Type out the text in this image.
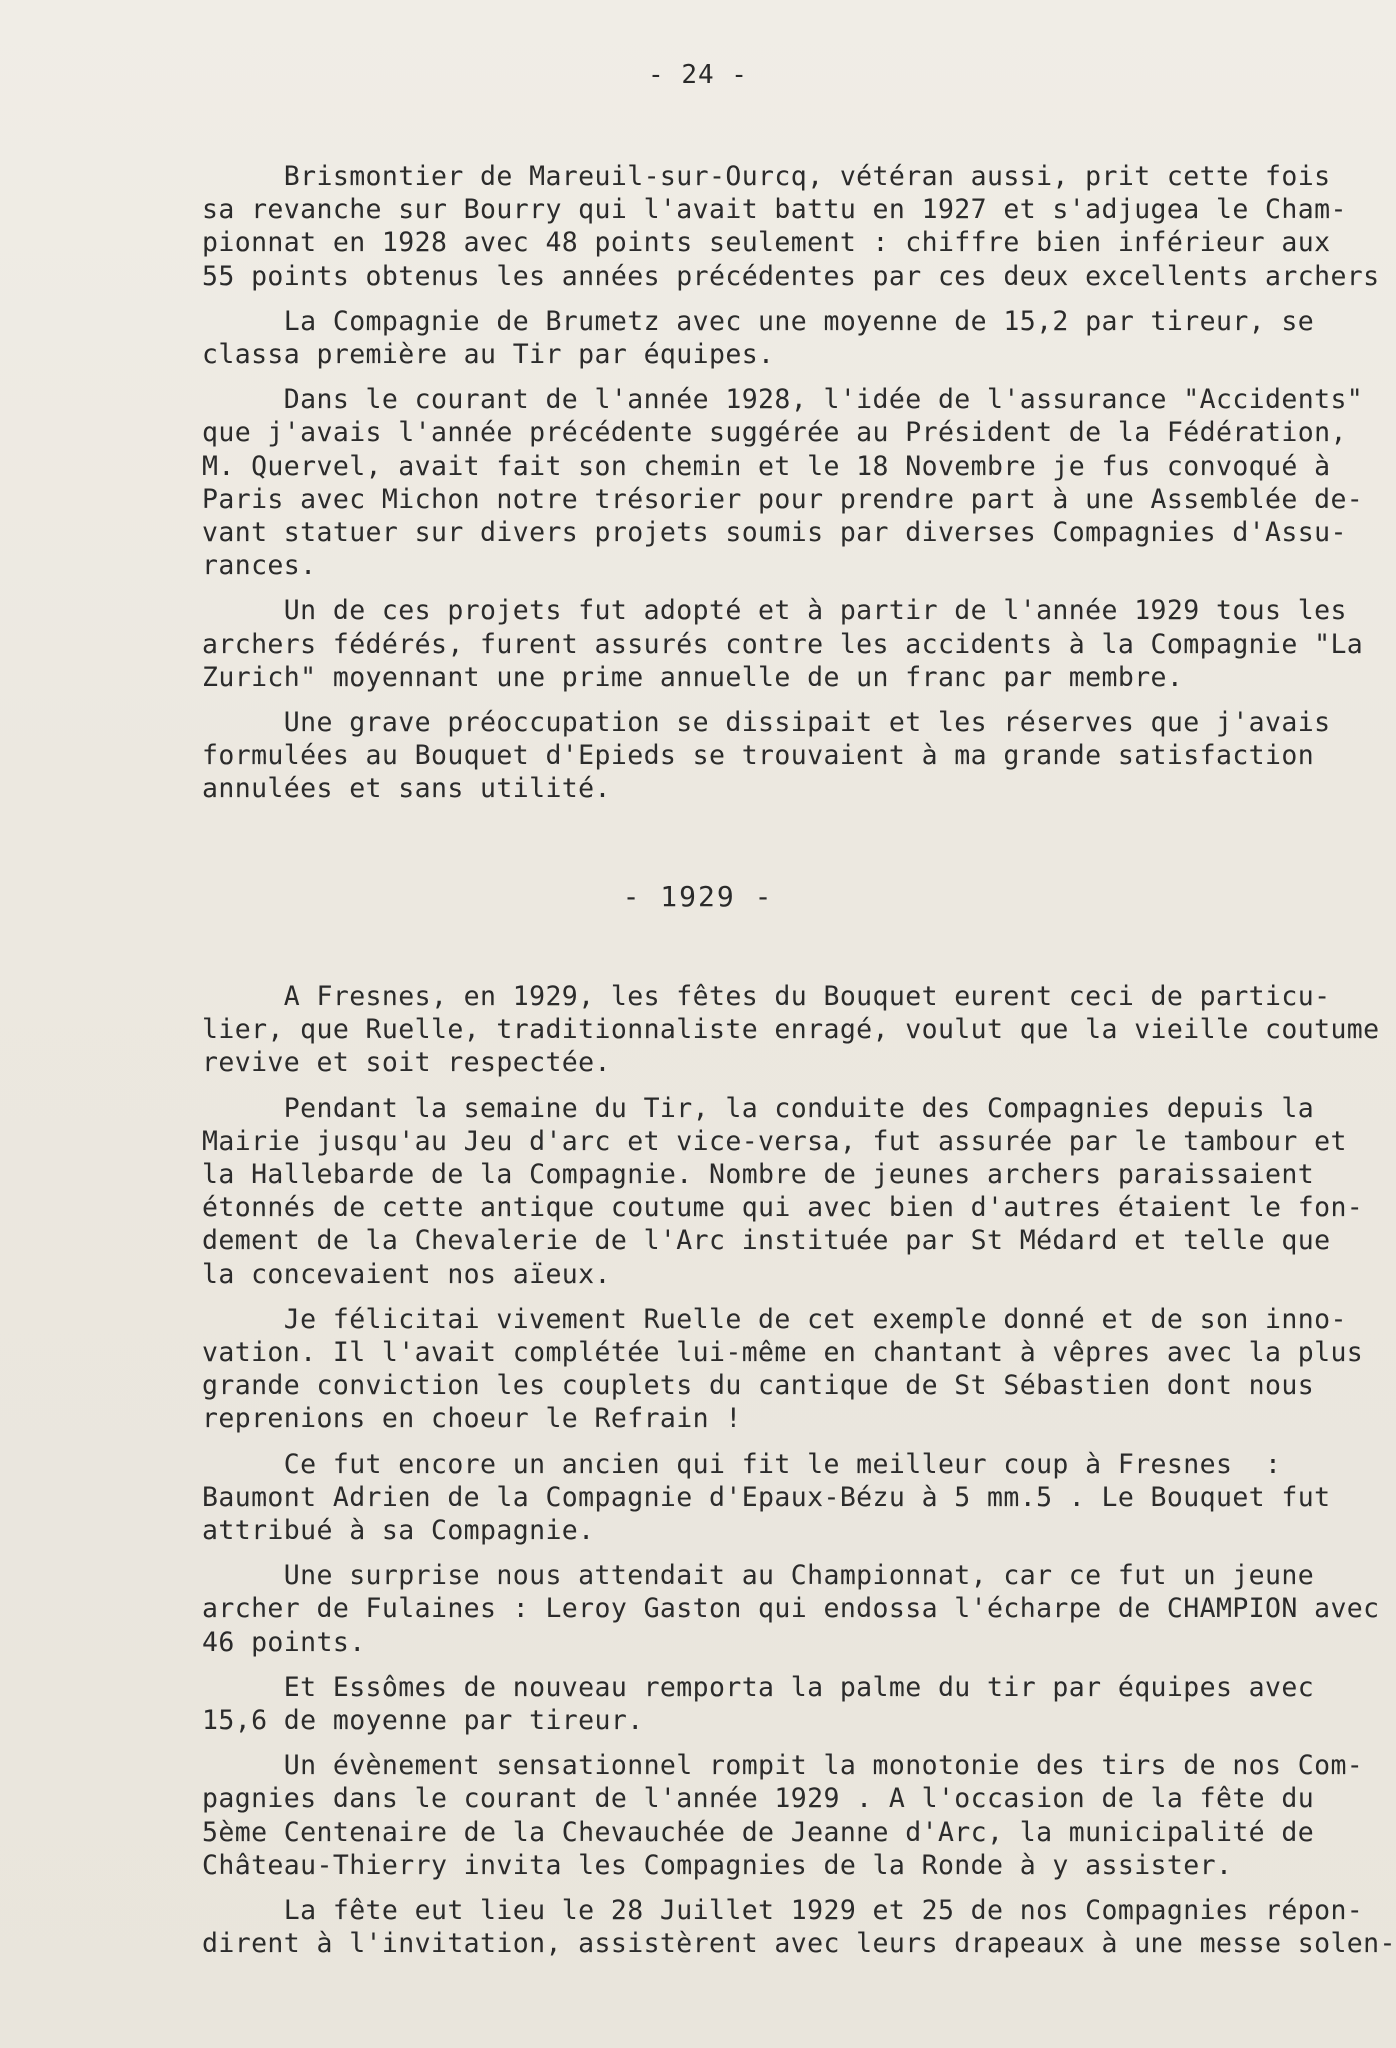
- 24 -
Brismontier de Mareuil-sur-Ourcq, vétéran aussi, prit cette fois
sa revanche sur Bourry qui l'avait battu en 1927 et s'adjugea le Cham-
pionnat en 1928 avec 48 points seulement : chiffre bien inférieur aux
55 points obtenus les années précédentes par ces deux excellents archers
La Compagnie de Brumetz avec une moyenne de 15,2 par tireur, se
classa première au Tir par équipes.
Dans le courant de l'année 1928, l'idée de l'assurance "Accidents"
que j'avais l'année précédente suggérée au Président de la Fédération,
M. Quervel, avait fait son chemin et le 18 Novembre je fus convoqué à
Paris avec Michon notre trésorier pour prendre part à une Assemblée de-
vant statuer sur divers projets soumis par diverses Compagnies d'Assu-
rances.
Un de ces projets fut adopté et à partir de l'année 1929 tous les
archers fédérés, furent assurés contre les accidents à la Compagnie "La
Zurich" moyennant une prime annuelle de un franc par membre.
Une grave préoccupation se dissipait et les réserves que j'avais
formulées au Bouquet d'Epieds se trouvaient à ma grande satisfaction
annulées et sans utilité.
- 1929 -
A Fresnes, en 1929, les fêtes du Bouquet eurent ceci de particu-
lier, que Ruelle, traditionnaliste enragé, voulut que la vieille coutume
revive et soit respectée.
Pendant la semaine du Tir, la conduite des Compagnies depuis la
Mairie jusqu'au Jeu d'arc et vice-versa, fut assurée par le tambour et
la Hallebarde de la Compagnie. Nombre de jeunes archers paraissaient
étonnés de cette antique coutume qui avec bien d'autres étaient le fon-
dement de la Chevalerie de l'Arc instituée par St Médard et telle que
la concevaient nos aïeux.
Je félicitai vivement Ruelle de cet exemple donné et de son inno-
vation. Il l'avait complétée lui-même en chantant à vêpres avec la plus
grande conviction les couplets du cantique de St Sébastien dont nous
reprenions en choeur le Refrain !
Ce fut encore un ancien qui fit le meilleur coup à Fresnes  :
Baumont Adrien de la Compagnie d'Epaux-Bézu à 5 mm.5 . Le Bouquet fut
attribué à sa Compagnie.
Une surprise nous attendait au Championnat, car ce fut un jeune
archer de Fulaines : Leroy Gaston qui endossa l'écharpe de CHAMPION avec
46 points.
Et Essômes de nouveau remporta la palme du tir par équipes avec
15,6 de moyenne par tireur.
Un évènement sensationnel rompit la monotonie des tirs de nos Com-
pagnies dans le courant de l'année 1929 . A l'occasion de la fête du
5ème Centenaire de la Chevauchée de Jeanne d'Arc, la municipalité de
Château-Thierry invita les Compagnies de la Ronde à y assister.
La fête eut lieu le 28 Juillet 1929 et 25 de nos Compagnies répon-
dirent à l'invitation, assistèrent avec leurs drapeaux à une messe solen-
